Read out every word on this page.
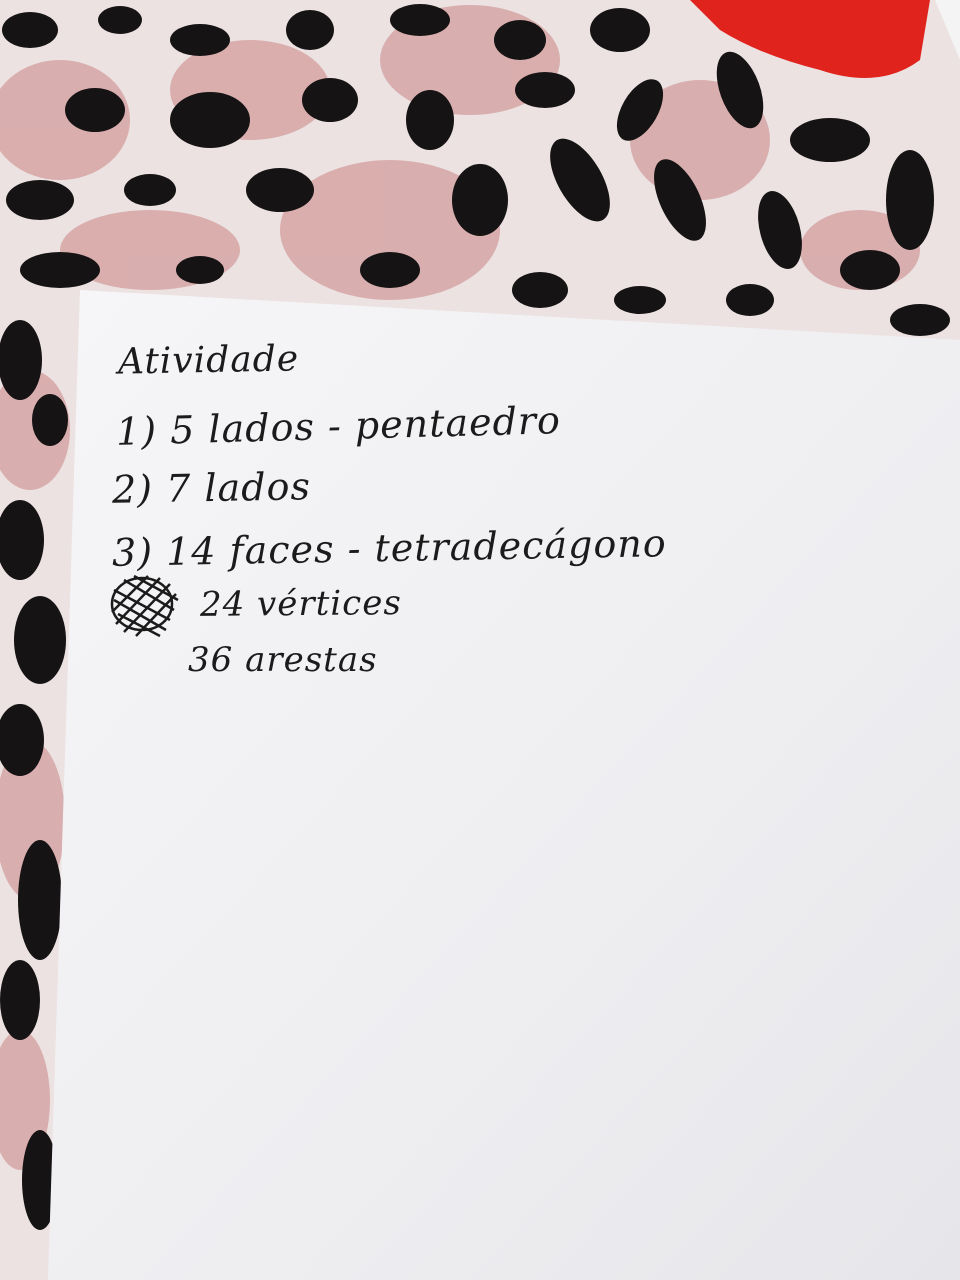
Atividade
1) 5 lados - pentaedro
2) 7 lados
3) 14 faces - tetradecágono
24 vértices
36 arestas
